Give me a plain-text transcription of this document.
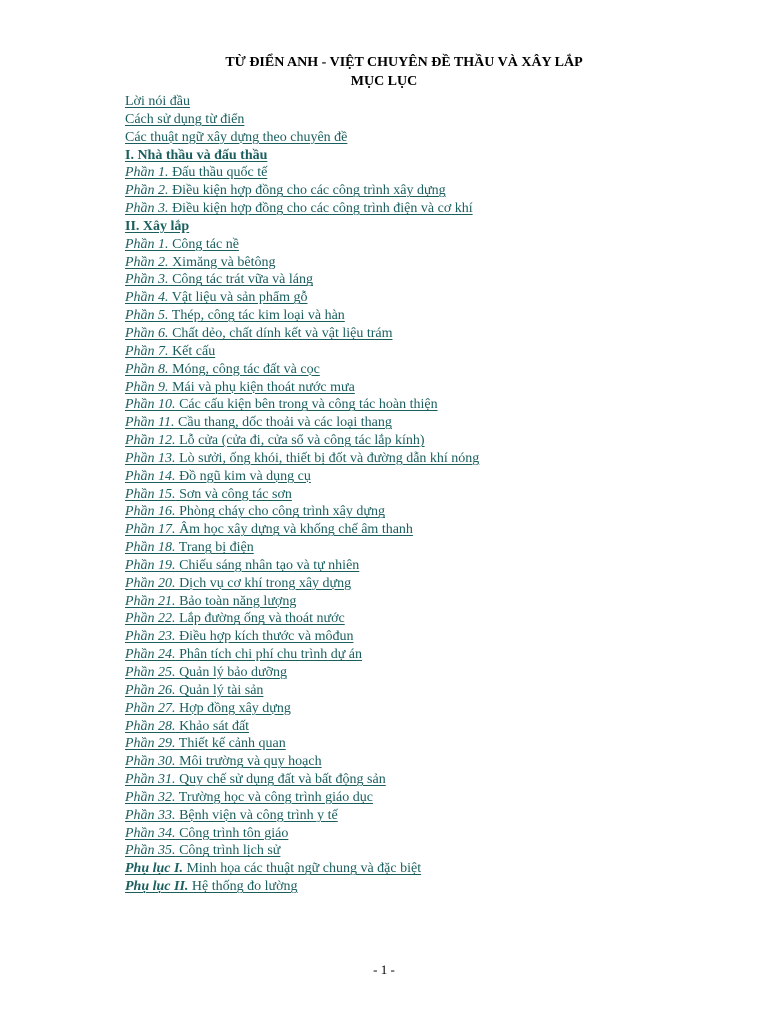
TỪ ĐIỂN ANH - VIỆT CHUYÊN ĐỀ THẦU VÀ XÂY LẮP

MỤC LỤC

Lời nói đầu
Cách sử dụng từ điển
Các thuật ngữ xây dựng theo chuyên đề
I. Nhà thầu và đấu thầu
Phần 1. Đấu thầu quốc tế
Phần 2. Điều kiện hợp đồng cho các công trình xây dựng
Phần 3. Điều kiện hợp đồng cho các công trình điện và cơ khí
II. Xây lắp
Phần 1. Công tác nề
Phần 2. Ximăng và bêtông
Phần 3. Công tác trát vữa và láng
Phần 4. Vật liệu và sản phẩm gỗ
Phần 5. Thép, công tác kim loại và hàn
Phần 6. Chất dẻo, chất dính kết và vật liệu trám
Phần 7. Kết cấu
Phần 8. Móng, công tác đất và cọc
Phần 9. Mái và phụ kiện thoát nước mưa
Phần 10. Các cấu kiện bên trong và công tác hoàn thiện
Phần 11. Cầu thang, dốc thoải và các loại thang
Phần 12. Lỗ cửa (cửa đi, cửa sổ và công tác lắp kính)
Phần 13. Lò sưởi, ống khói, thiết bị đốt và đường dẫn khí nóng
Phần 14. Đồ ngũ kim và dụng cụ
Phần 15. Sơn và công tác sơn
Phần 16. Phòng cháy cho công trình xây dựng
Phần 17. Âm học xây dựng và khống chế âm thanh
Phần 18. Trang bị điện
Phần 19. Chiếu sáng nhân tạo và tự nhiên
Phần 20. Dịch vụ cơ khí trong xây dựng
Phần 21. Bảo toàn năng lượng
Phần 22. Lắp đường ống và thoát nước
Phần 23. Điều hợp kích thước và môđun
Phần 24. Phân tích chi phí chu trình dự án
Phần 25. Quản lý bảo dưỡng
Phần 26. Quản lý tài sản
Phần 27. Hợp đồng xây dựng
Phần 28. Khảo sát đất
Phần 29. Thiết kế cảnh quan
Phần 30. Môi trường và quy hoạch
Phần 31. Quy chế sử dụng đất và bất động sản
Phần 32. Trường học và công trình giáo dục
Phần 33. Bệnh viện và công trình y tế
Phần 34. Công trình tôn giáo
Phần 35. Công trình lịch sử
Phụ lục I. Minh họa các thuật ngữ chung và đặc biệt
Phụ lục II. Hệ thống đo lường
- 1 -
